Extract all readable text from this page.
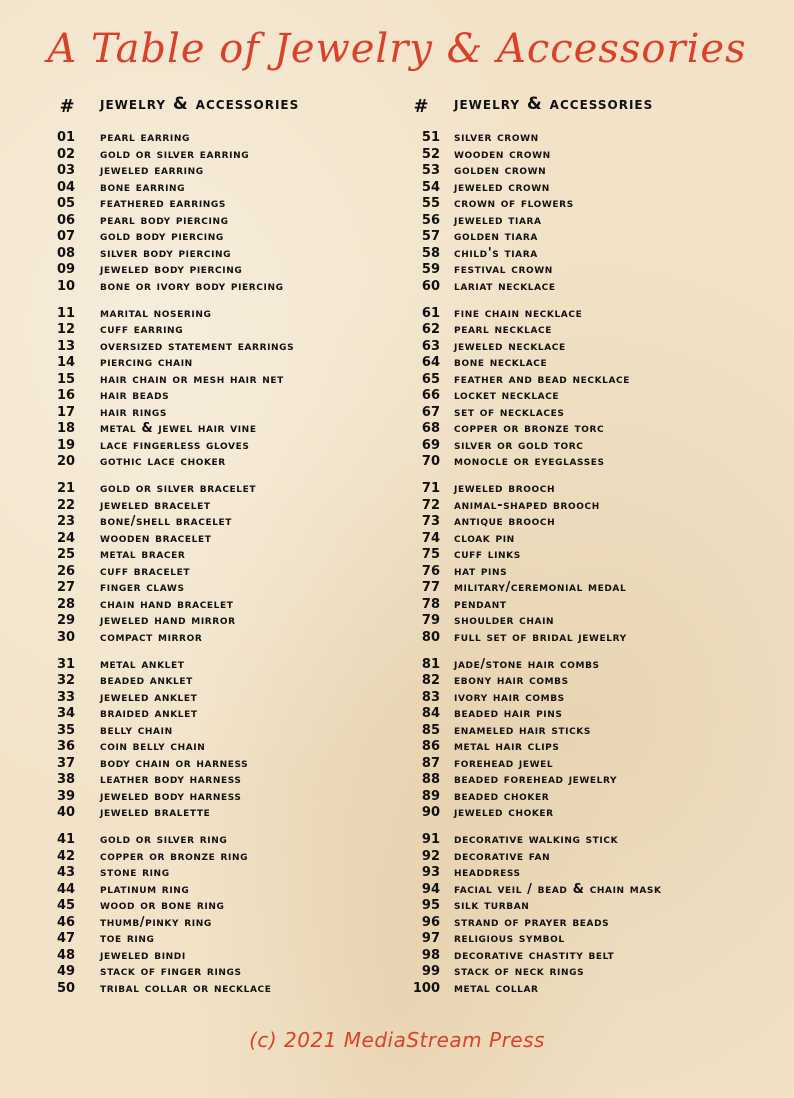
A Table of Jewelry & Accessories
#	jewelry & accessories
01 pearl earring
02 gold or silver earring
03 jeweled earring
04 bone earring
05 feathered earrings
06 pearl body piercing
07 gold body piercing
08 silver body piercing
09 jeweled body piercing
10 bone or ivory body piercing
11 marital nosering
12 cuff earring
13 oversized statement earrings
14 piercing chain
15 hair chain or mesh hair net
16 hair beads
17 hair rings
18 metal & jewel hair vine
19 lace fingerless gloves
20 gothic lace choker
21 gold or silver bracelet
22 jeweled bracelet
23 bone/shell bracelet
24 wooden bracelet
25 metal bracer
26 cuff bracelet
27 finger claws
28 chain hand bracelet
29 jeweled hand mirror
30 compact mirror
31 metal anklet
32 beaded anklet
33 jeweled anklet
34 braided anklet
35 belly chain
36 coin belly chain
37 body chain or harness
38 leather body harness
39 jeweled body harness
40 jeweled bralette
41 gold or silver ring
42 copper or bronze ring
43 stone ring
44 platinum ring
45 wood or bone ring
46 thumb/pinky ring
47 toe ring
48 jeweled bindi
49 stack of finger rings
50 tribal collar or necklace
#	jewelry & accessories
51 silver crown
52 wooden crown
53 golden crown
54 jeweled crown
55 crown of flowers
56 jeweled tiara
57 golden tiara
58 child's tiara
59 festival crown
60 lariat necklace
61 fine chain necklace
62 pearl necklace
63 jeweled necklace
64 bone necklace
65 feather and bead necklace
66 locket necklace
67 set of necklaces
68 copper or bronze torc
69 silver or gold torc
70 monocle or eyeglasses
71 jeweled brooch
72 animal-shaped brooch
73 antique brooch
74 cloak pin
75 cuff links
76 hat pins
77 military/ceremonial medal
78 pendant
79 shoulder chain
80 full set of bridal jewelry
81 jade/stone hair combs
82 ebony hair combs
83 ivory hair combs
84 beaded hair pins
85 enameled hair sticks
86 metal hair clips
87 forehead jewel
88 beaded forehead jewelry
89 beaded choker
90 jeweled choker
91 decorative walking stick
92 decorative fan
93 headdress
94 facial veil / bead & chain mask
95 silk turban
96 strand of prayer beads
97 religious symbol
98 decorative chastity belt
99 stack of neck rings
100 metal collar
(c) 2021 MediaStream Press
